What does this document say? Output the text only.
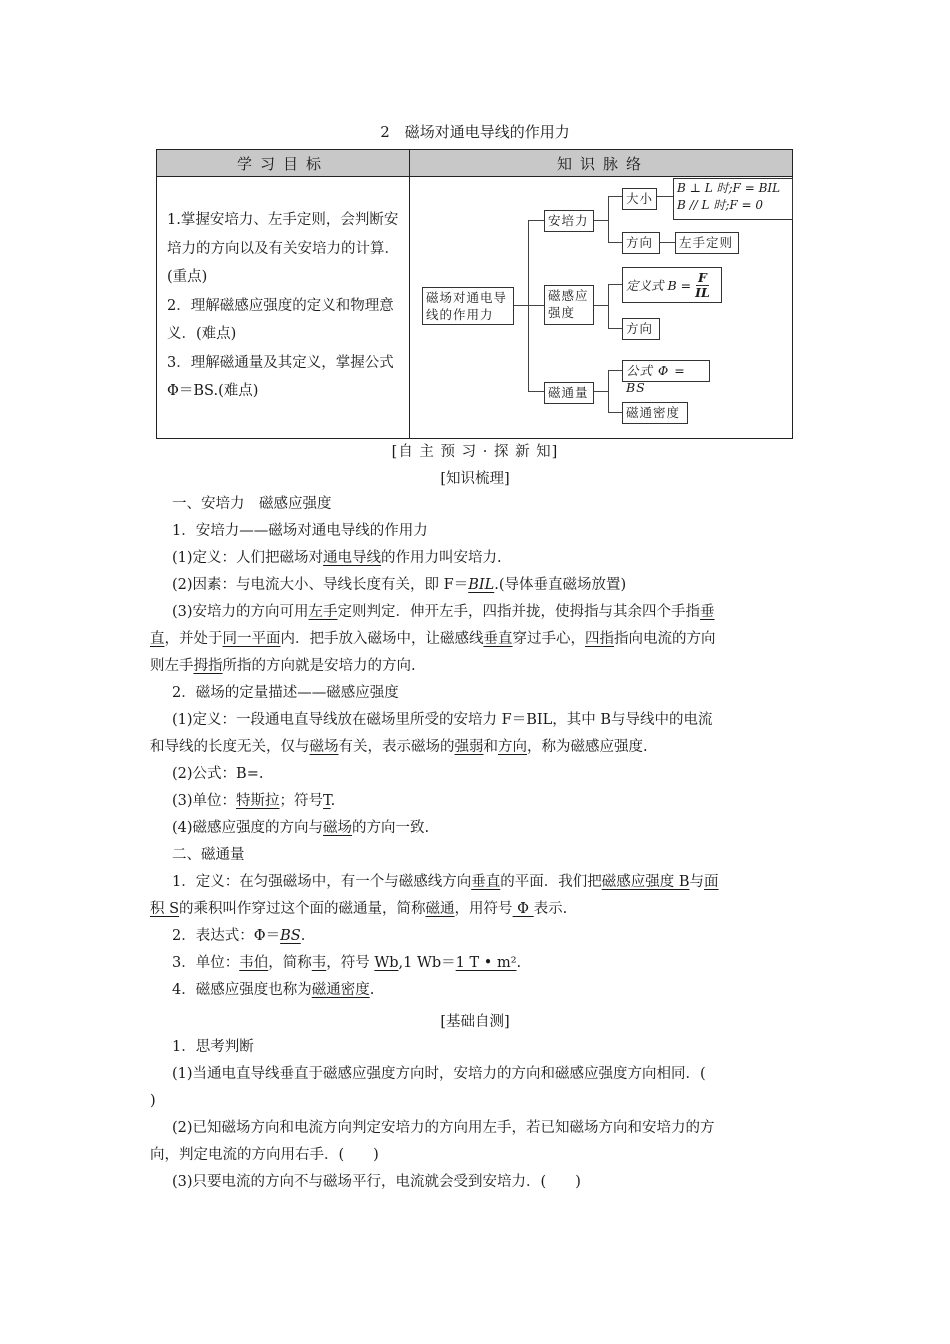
2　磁场对通电导线的作用力
学习目标	知识脉络
1.掌握安培力、左手定则，会判断安培力的方向以及有关安培力的计算．(重点)
2．理解磁感应强度的定义和物理意义．(难点)
3．理解磁通量及其定义，掌握公式 Φ＝BS.(难点)
磁场对通电导线的作用力
安培力
大小
B ⊥ L 时;F = BIL
B // L 时;F = 0
方向	左手定则
磁感应强度
定义式 $B = \frac{F}{IL}$
方向
磁通量
公式 Φ = BS
磁通密度
[自 主 预 习 · 探 新 知]
[知识梳理]
一、安培力　磁感应强度
1．安培力——磁场对通电导线的作用力
(1)定义：人们把磁场对通电导线的作用力叫安培力.
(2)因素：与电流大小、导线长度有关，即 F＝BIL.(导体垂直磁场放置)
(3)安培力的方向可用左手定则判定．伸开左手，四指并拢，使拇指与其余四个手指垂
直，并处于同一平面内．把手放入磁场中，让磁感线垂直穿过手心，四指指向电流的方向
则左手拇指所指的方向就是安培力的方向.
2．磁场的定量描述——磁感应强度
(1)定义：一段通电直导线放在磁场里所受的安培力 F＝BIL，其中 B与导线中的电流
和导线的长度无关，仅与磁场有关，表示磁场的强弱和方向，称为磁感应强度.
(2)公式：B=.
(3)单位：特斯拉；符号T.
(4)磁感应强度的方向与磁场的方向一致.
二、磁通量
1．定义：在匀强磁场中，有一个与磁感线方向垂直的平面．我们把磁感应强度 B与面
积 S的乘积叫作穿过这个面的磁通量，简称磁通，用符号 Φ 表示.
2．表达式：Φ＝BS.
3．单位：韦伯，简称韦，符号 Wb,1 Wb＝1 T • m².
4．磁感应强度也称为磁通密度.
[基础自测]
1．思考判断
(1)当通电直导线垂直于磁感应强度方向时，安培力的方向和磁感应强度方向相同．(
)
(2)已知磁场方向和电流方向判定安培力的方向用左手，若已知磁场方向和安培力的方
向，判定电流的方向用右手．(　　)
(3)只要电流的方向不与磁场平行，电流就会受到安培力．(　　)
